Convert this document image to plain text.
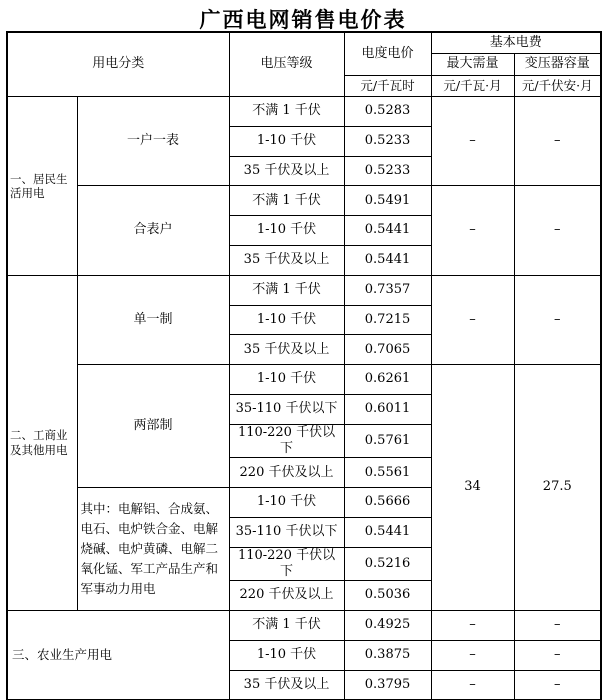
广西电网销售电价表
用电分类		电压等级	电度电价	基本电费	
				最大需量	变压器容量
			元/千瓦时	元/千瓦·月	元/千伏安·月
一、居民生活用电	一户一表	不满 1 千伏	0.5283	–	–
		1-10 千伏	0.5233		
		35 千伏及以上	0.5233		
	合表户	不满 1 千伏	0.5491	–	–
		1-10 千伏	0.5441		
		35 千伏及以上	0.5441		
二、工商业及其他用电	单一制	不满 1 千伏	0.7357	–	–
		1-10 千伏	0.7215		
		35 千伏及以上	0.7065		
	两部制	1-10 千伏	0.6261	34	27.5
		35-110 千伏以下	0.6011		
		110-220 千伏以下	0.5761		
		220 千伏及以上	0.5561		
	其中：电解铝、合成氨、电石、电炉铁合金、电解烧碱、电炉黄磷、电解二氧化锰、军工产品生产和军事动力用电	1-10 千伏	0.5666		
		35-110 千伏以下	0.5441		
		110-220 千伏以下	0.5216		
		220 千伏及以上	0.5036		
三、农业生产用电		不满 1 千伏	0.4925	–	–
		1-10 千伏	0.3875	–	–
		35 千伏及以上	0.3795	–	–
